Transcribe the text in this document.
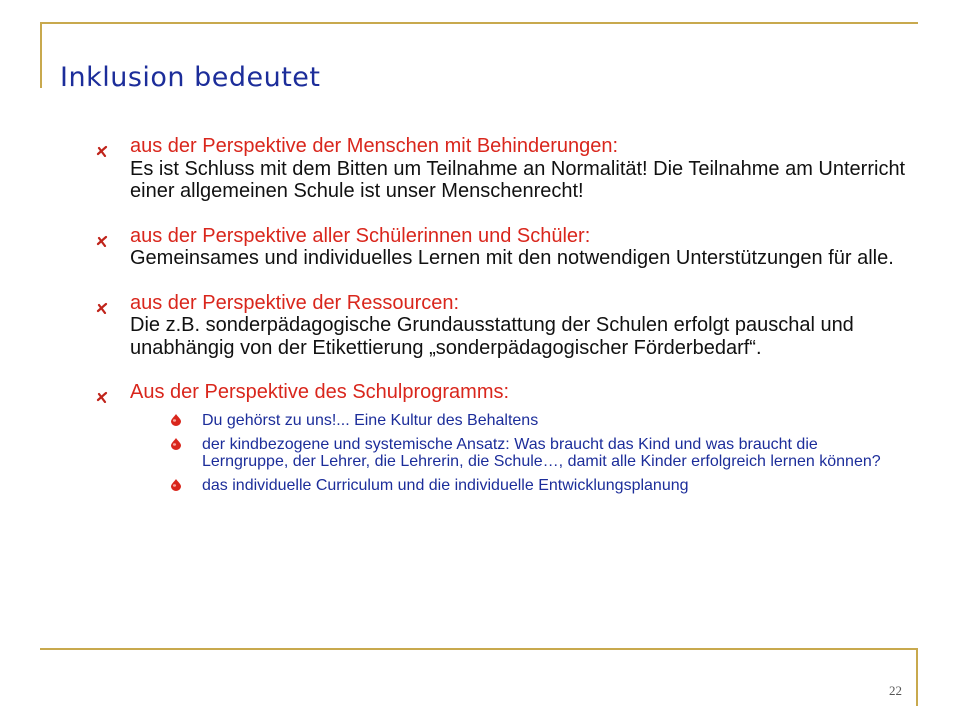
Inklusion bedeutet
aus der Perspektive der Menschen mit Behinderungen:
Es ist Schluss mit dem Bitten um Teilnahme an Normalität! Die Teilnahme am Unterricht einer allgemeinen Schule ist unser Menschenrecht!
aus der Perspektive aller Schülerinnen und Schüler:
Gemeinsames und individuelles Lernen mit den notwendigen Unterstützungen für alle.
aus der Perspektive der Ressourcen:
Die z.B. sonderpädagogische Grundausstattung der Schulen erfolgt pauschal und unabhängig von der Etikettierung „sonderpädagogischer Förderbedarf“.
Aus der Perspektive des Schulprogramms:
Du gehörst zu uns!... Eine Kultur des Behaltens
der kindbezogene und systemische Ansatz: Was braucht das Kind und was braucht die Lerngruppe, der Lehrer, die Lehrerin, die Schule…, damit alle Kinder erfolgreich lernen können?
das individuelle Curriculum und die individuelle Entwicklungsplanung
22
